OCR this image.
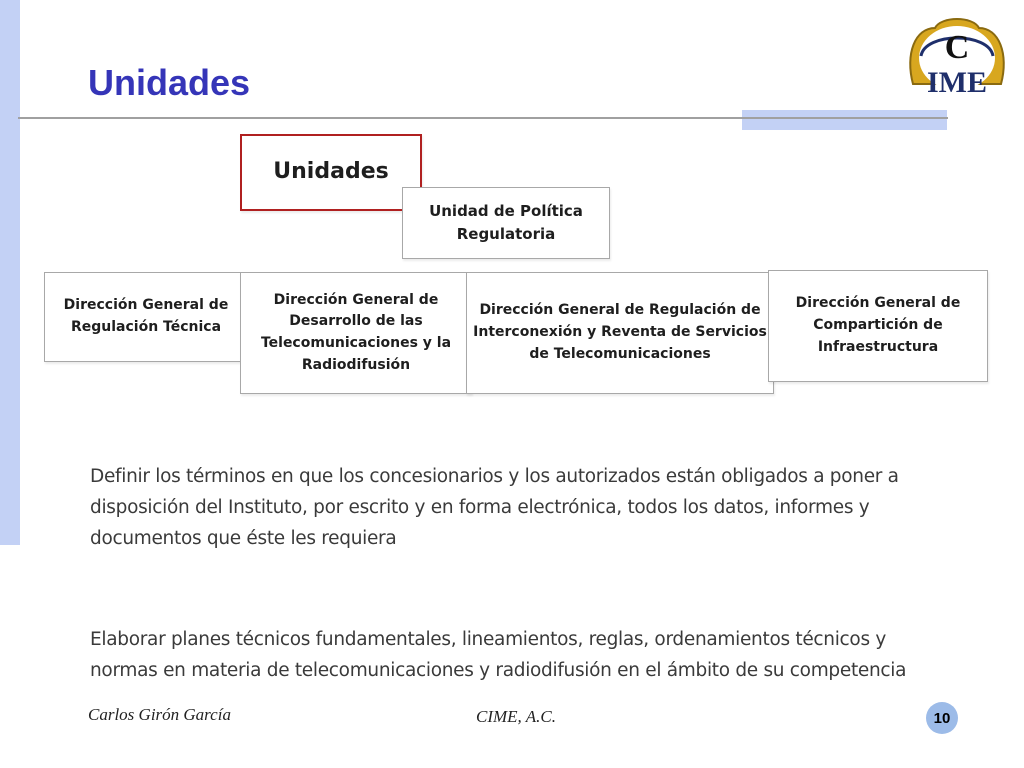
Unidades
C
IME
Unidades
Unidad de Política Regulatoria
Dirección General de Regulación Técnica
Dirección General de Desarrollo de las Telecomunicaciones y la Radiodifusión
Dirección General de Regulación de Interconexión y Reventa de Servicios de Telecomunicaciones
Dirección General de Compartición de Infraestructura
Definir los términos en que los concesionarios y los autorizados están obligados a poner a disposición del Instituto, por escrito y en forma electrónica, todos los datos, informes y documentos que éste les requiera
Elaborar planes técnicos fundamentales, lineamientos, reglas, ordenamientos técnicos y normas en materia de telecomunicaciones y radiodifusión en el ámbito de su competencia
Carlos Girón García	CIME, A.C.	10
